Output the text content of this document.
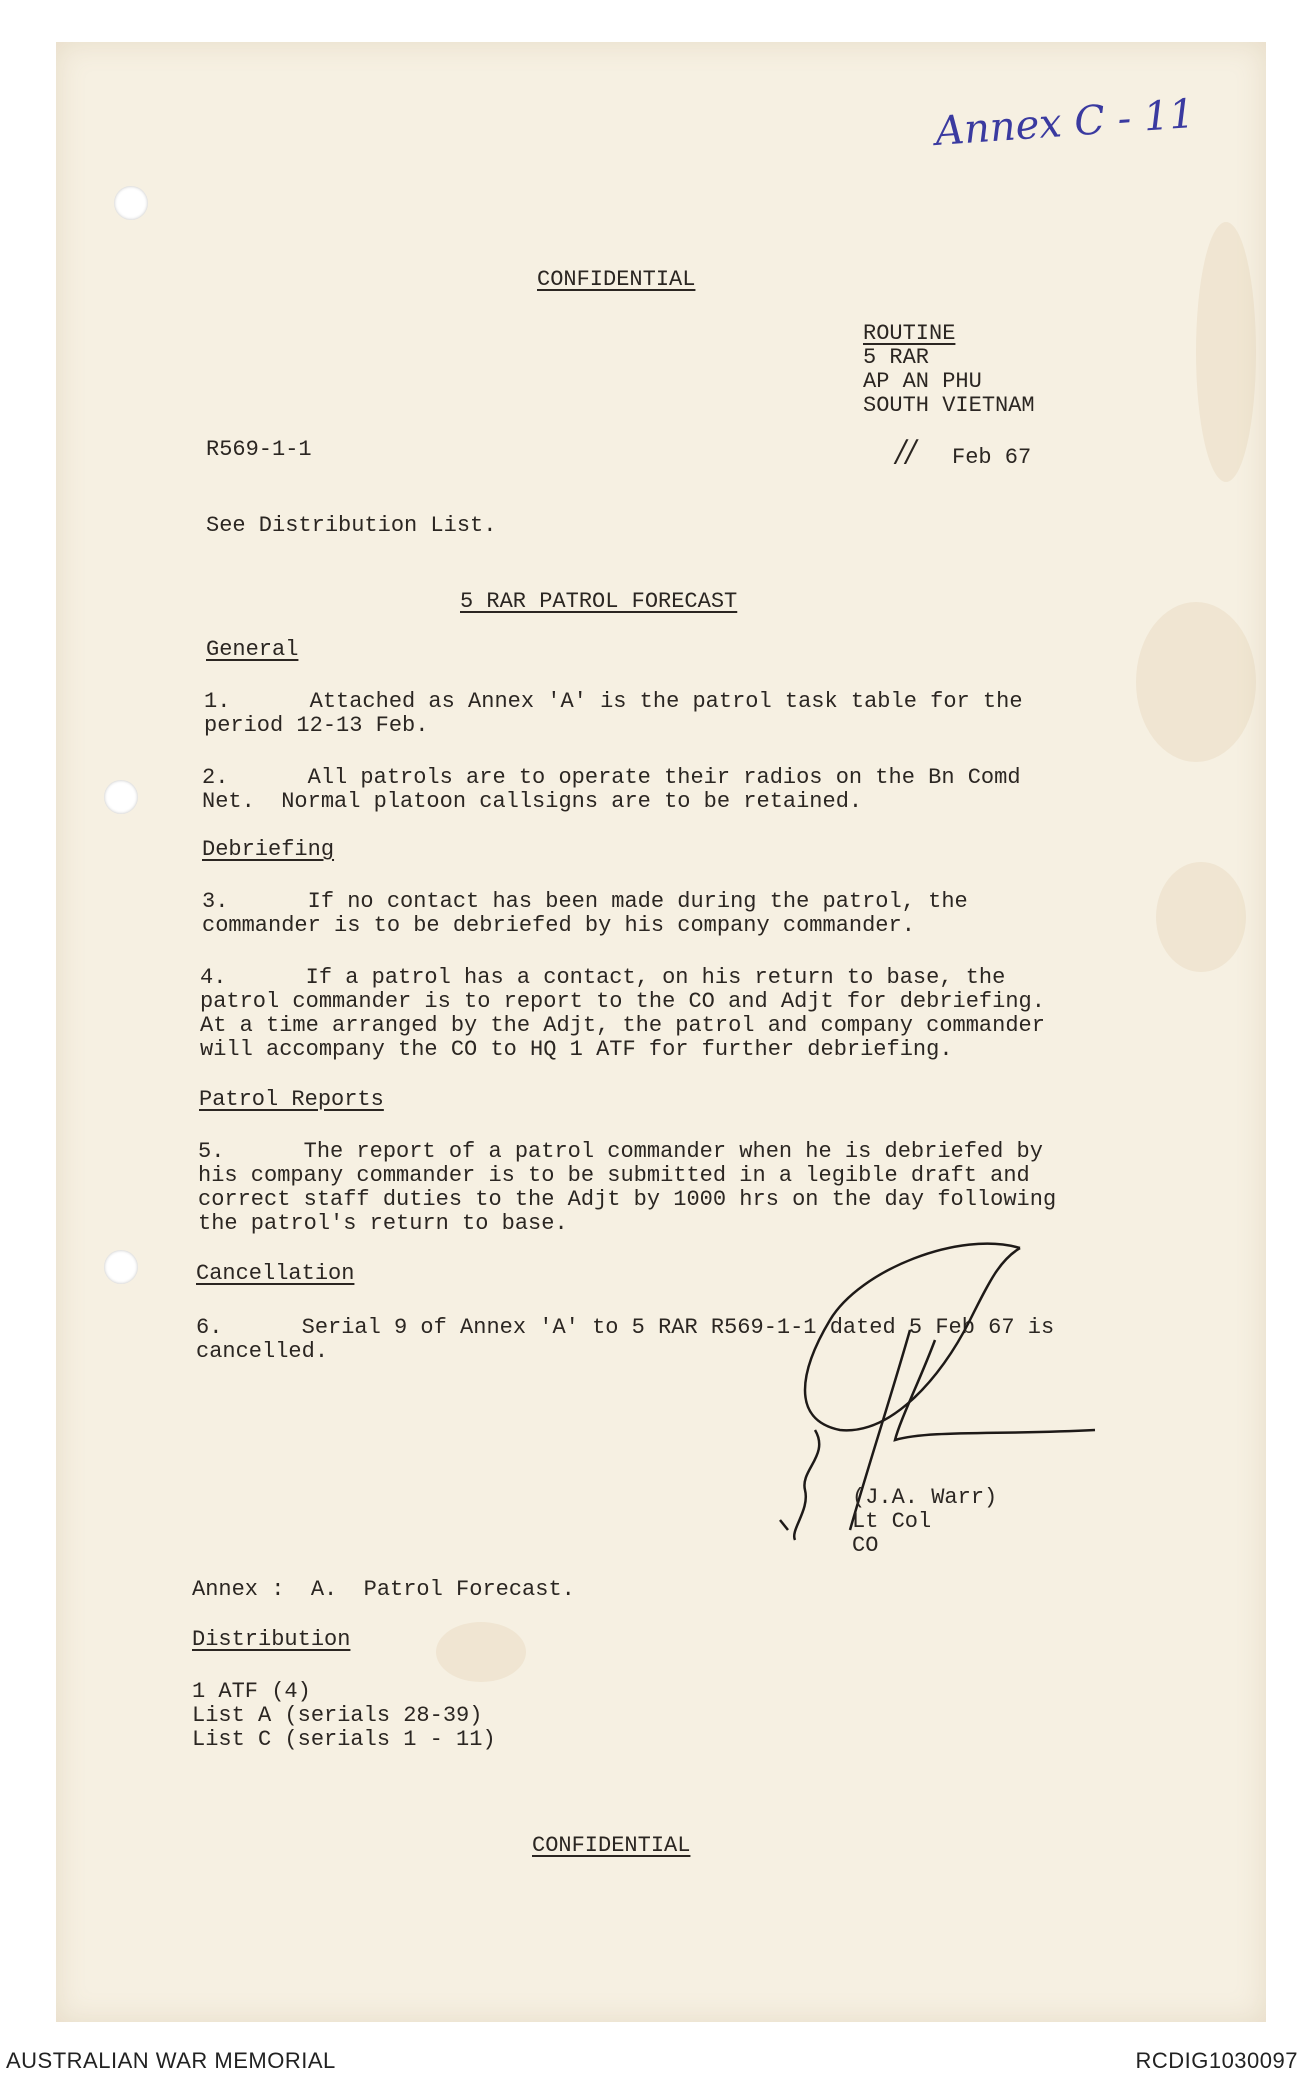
Annex C - 11
CONFIDENTIAL
ROUTINE
5 RAR
AP AN PHU
SOUTH VIETNAM
R569-1-1	// Feb 67
See Distribution List.
5 RAR PATROL FORECAST
General
1.      Attached as Annex 'A' is the patrol task table for the
period 12-13 Feb.
2.      All patrols are to operate their radios on the Bn Comd
Net.  Normal platoon callsigns are to be retained.
Debriefing
3.      If no contact has been made during the patrol, the
commander is to be debriefed by his company commander.
4.      If a patrol has a contact, on his return to base, the
patrol commander is to report to the CO and Adjt for debriefing.
At a time arranged by the Adjt, the patrol and company commander
will accompany the CO to HQ 1 ATF for further debriefing.
Patrol Reports
5.      The report of a patrol commander when he is debriefed by
his company commander is to be submitted in a legible draft and
correct staff duties to the Adjt by 1000 hrs on the day following
the patrol's return to base.
Cancellation
6.      Serial 9 of Annex 'A' to 5 RAR R569-1-1 dated 5 Feb 67 is
cancelled.
(J.A. Warr)
Lt Col
CO
Annex :  A.  Patrol Forecast.
Distribution
1 ATF (4)
List A (serials 28-39)
List C (serials 1 - 11)
CONFIDENTIAL
AUSTRALIAN WAR MEMORIAL	RCDIG1030097
